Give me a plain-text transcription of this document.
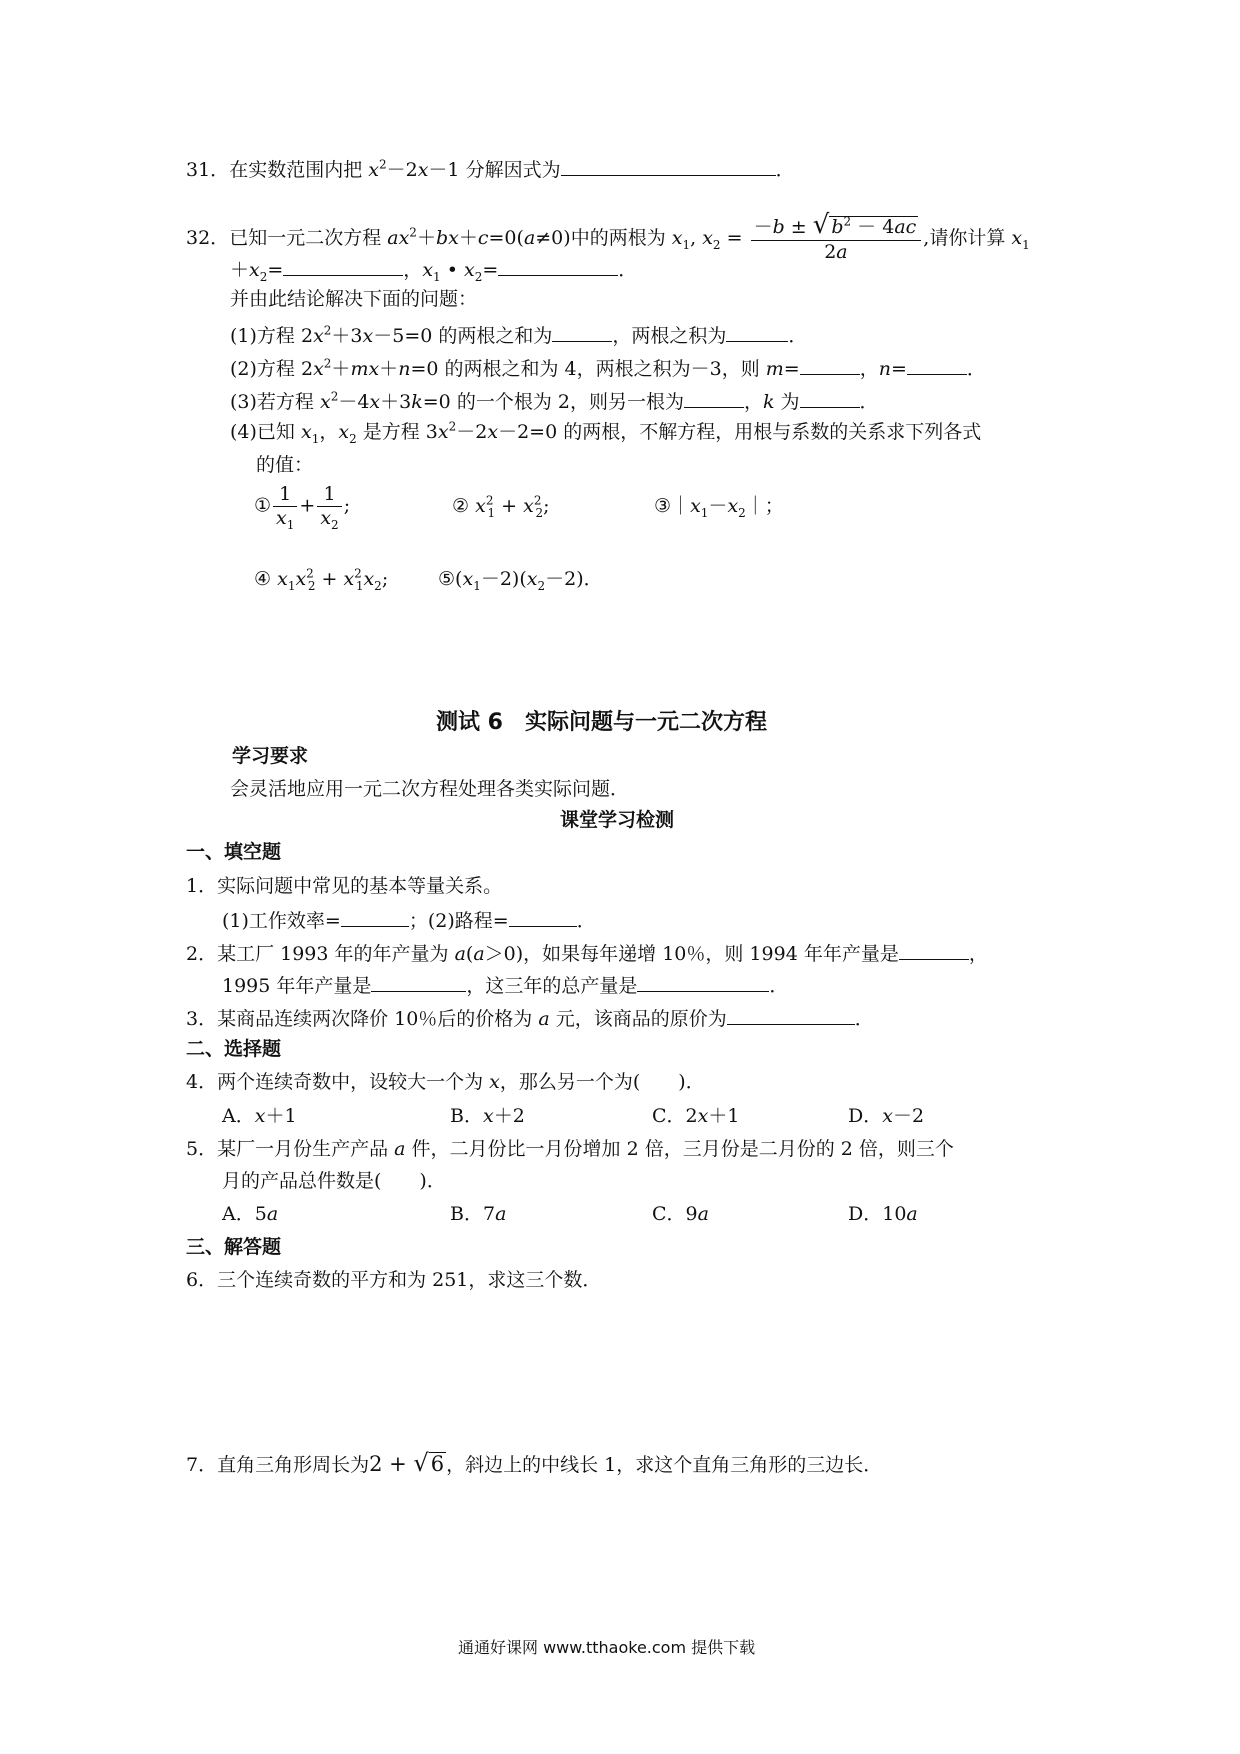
31．在实数范围内把 $x^2-2x-1$ 分解因式为	．
32．已知一元二次方程 $ax^2+bx+c=0(a\ne 0)$中的两根为 $x_1$, $x_2 = \frac{-b \pm √ b^2 - 4ac}{2a}$ ,请你计算 $x_1$
$+x_2=$	，$x_1$ • $x_2=$	．
并由此结论解决下面的问题：
(1)方程 $2x^2+3x-5=0$ 的两根之和为	，两根之积为	．
(2)方程 $2x^2+mx+n=0$ 的两根之和为 4，两根之积为－3，则 m=	，n=	．
(3)若方程 $x^2-4x+3k=0$ 的一个根为 2，则另一根为	，k 为	．
(4)已知 $x_1$，$x_2$ 是方程 $3x^2-2x-2=0$ 的两根，不解方程，用根与系数的关系求下列各式
的值：
① $\frac{1}{x_1} + \frac{1}{x_2}$ ;	② $x^2_1 + x^2_2$;	$③|x_1-x_2|$；
④ $x_1x^2_2 + x^2_1x_2$;	$⑤(x_1-2)(x_2-2)$．
测试 6　实际问题与一元二次方程
学习要求
会灵活地应用一元二次方程处理各类实际问题．
课堂学习检测
一、填空题
1．实际问题中常见的基本等量关系。
(1)工作效率=	；(2)路程=	．
2．某工厂 1993 年的年产量为 a(a＞0)，如果每年递增 10％，则 1994 年年产量是	，
1995 年年产量是	，这三年的总产量是	．
3．某商品连续两次降价 10％后的价格为 a 元，该商品的原价为	．
二、选择题
4．两个连续奇数中，设较大一个为 x，那么另一个为(　　)．
A．x＋1	B．x＋2	C．2x＋1	D．x－2
5．某厂一月份生产产品 a 件，二月份比一月份增加 2 倍，三月份是二月份的 2 倍，则三个
月的产品总件数是(　　)．
A．5a	B．7a	C．9a	D．10a
三、解答题
6．三个连续奇数的平方和为 251，求这三个数．
7．直角三角形周长为2 + √6 ，斜边上的中线长 1，求这个直角三角形的三边长．
通通好课网 www.tthaoke.com 提供下载
